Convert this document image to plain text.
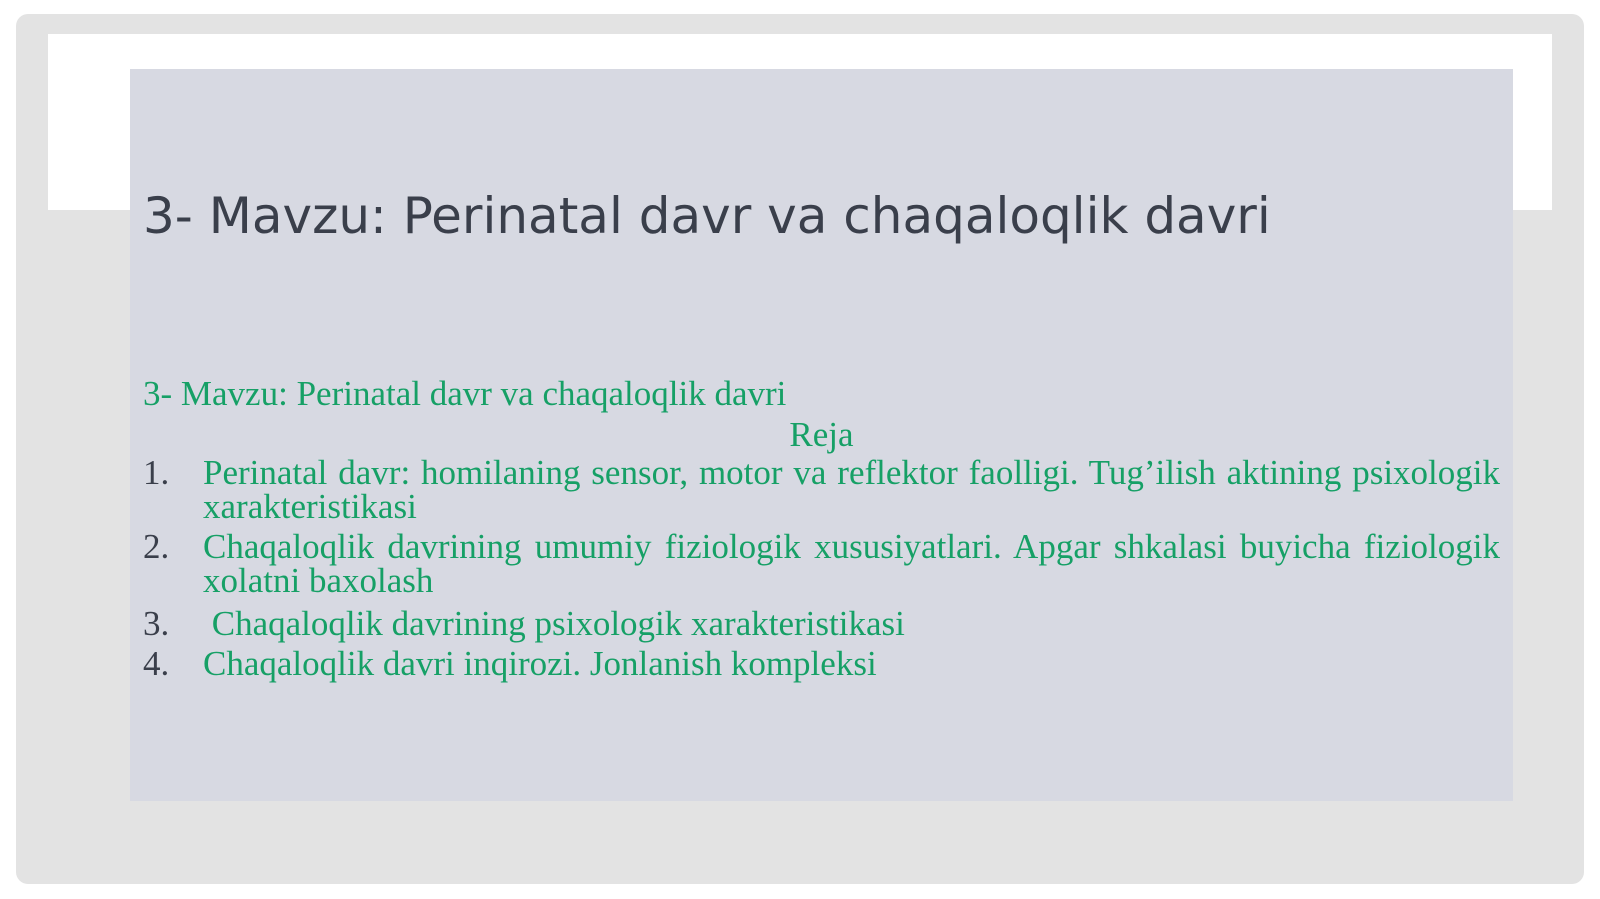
3- Mavzu: Perinatal davr va chaqaloqlik davri
3- Mavzu: Perinatal davr va chaqaloqlik davri
Reja
1. Perinatal davr: homilaning sensor, motor va reflektor faolligi. Tug’ilish aktining psixologik xarakteristikasi
2. Chaqaloqlik davrining umumiy fiziologik xususiyatlari. Apgar shkalasi buyicha fiziologik xolatni baxolash
3. Chaqaloqlik davrining psixologik xarakteristikasi
4. Chaqaloqlik davri inqirozi. Jonlanish kompleksi
